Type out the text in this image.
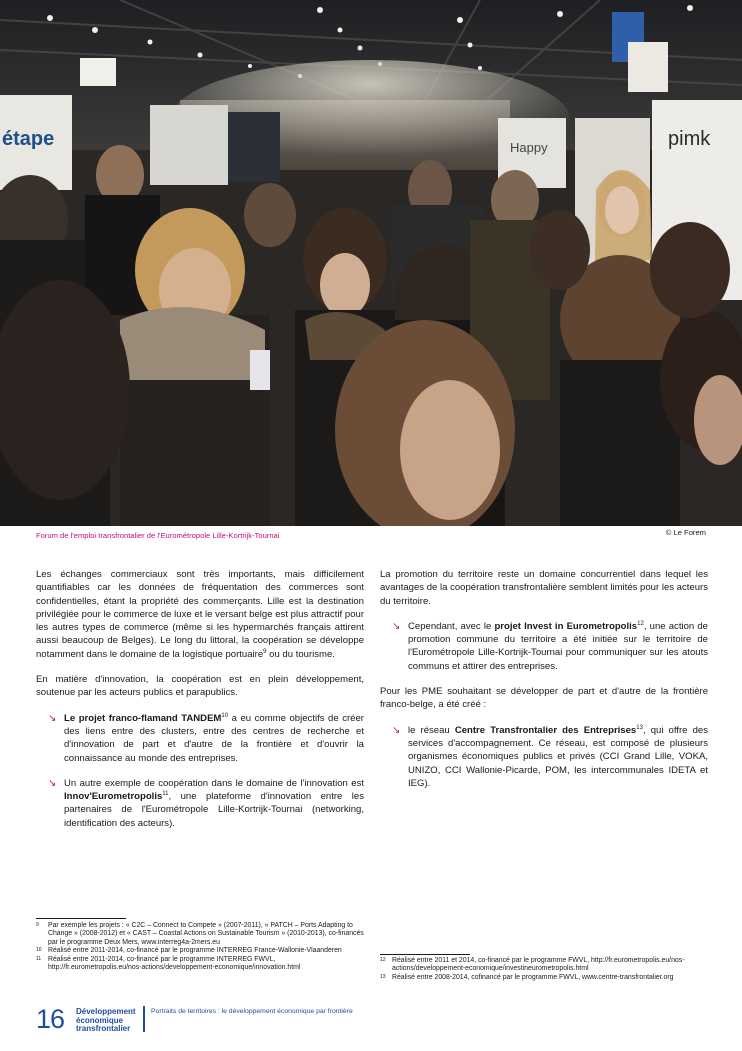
étape	Happy	pimk
Forum de l'emploi transfrontalier de l'Eurométropole Lille-Kortrijk-Tournai	© Le Forem

Les échanges commerciaux sont très importants, mais difficilement quantifiables car les données de fréquentation des commerces sont confidentielles, étant la propriété des commerçants. Lille est la destination privilégiée pour le commerce de luxe et le versant belge est plus attractif pour les autres types de commerce (même si les hypermarchés français attirent aussi beaucoup de Belges). Le long du littoral, la coopération se développe notamment dans le domaine de la logistique portuaire$^9$ ou du tourisme.

En matière d'innovation, la coopération est en plein développement, soutenue par les acteurs publics et parapublics.

↘ Le projet franco-flamand TANDEM$^{10}$ a eu comme objectifs de créer des liens entre des clusters, entre des centres de recherche et d'innovation de part et d'autre de la frontière et d'ouvrir la connaissance au monde des entreprises.
↘ Un autre exemple de coopération dans le domaine de l'innovation est Innov'Eurometropolis$^{11}$, une plateforme d'innovation entre les partenaires de l'Eurométropole Lille-Kortrijk-Tournai (networking, identification des acteurs).

La promotion du territoire reste un domaine concurrentiel dans lequel les avantages de la coopération transfrontalière semblent limités pour les acteurs du territoire.

↘ Cependant, avec le projet Invest in Eurometropolis$^{12}$, une action de promotion commune du territoire a été initiée sur le territoire de l'Eurométropole Lille-Kortrijk-Tournai pour communiquer sur les atouts communs et attirer des entreprises.

Pour les PME souhaitant se développer de part et d'autre de la frontière franco-belge, a été créé :

↘ le réseau Centre Transfrontalier des Entreprises$^{13}$, qui offre des services d'accompagnement. Ce réseau, est composé de plusieurs organismes économiques publics et privés (CCI Grand Lille, VOKA, UNIZO, CCI Wallonie-Picarde, POM, les intercommunales IDETA et IEG).
9 Par exemple les projets : « C2C – Connect to Compete » (2007-2011), « PATCH – Ports Adapting to Change » (2008-2012) et « CAST – Coastal Actions on Sustainable Tourism » (2010-2013), co-financés par le programme Deux Mers, www.interreg4a-2mers.eu
10 Réalisé entre 2011-2014, co-financé par le programme INTERREG France-Wallonie-Vlaanderen
11 Réalisé entre 2011-2014, co-financé par le programme INTERREG FWVL, http://fr.eurometropolis.eu/nos-actions/developpement-economique/innovation.html
12 Réalisé entre 2011 et 2014, co-financé par le programme FWVL, http://fr.eurometropolis.eu/nos-actions/developpement-economique/investineurometropolis.html
13 Réalisé entre 2008-2014, cofinancé par le programme FWVL, www.centre-transfrontalier.org
16 Développement
économique
transfrontalier
Portraits de territoires : le développement économique par frontière
